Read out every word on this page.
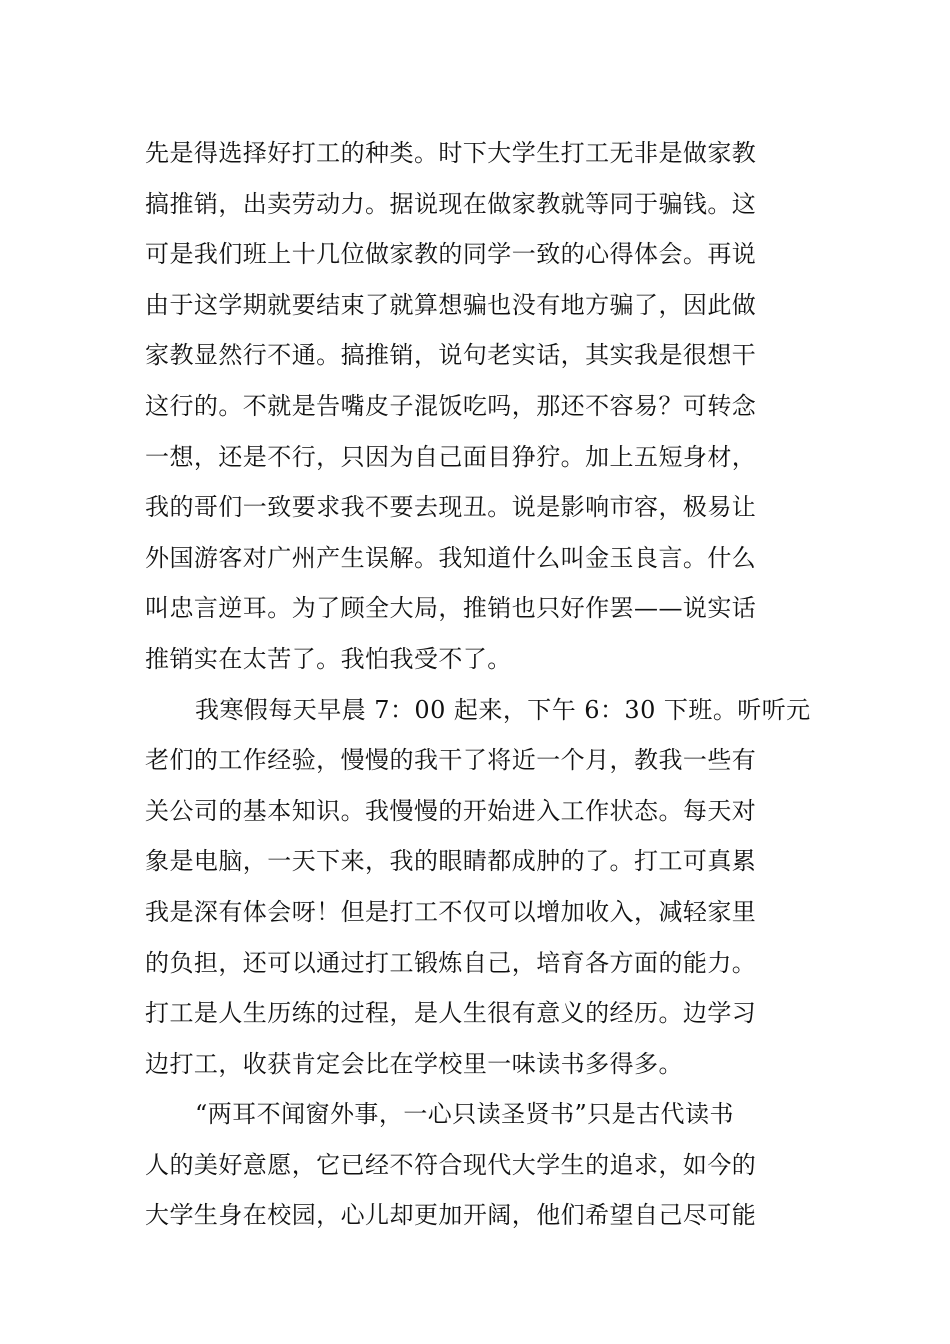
先是得选择好打工的种类。时下大学生打工无非是做家教
搞推销，出卖劳动力。据说现在做家教就等同于骗钱。这
可是我们班上十几位做家教的同学一致的心得体会。再说
由于这学期就要结束了就算想骗也没有地方骗了，因此做
家教显然行不通。搞推销，说句老实话，其实我是很想干
这行的。不就是告嘴皮子混饭吃吗，那还不容易？可转念
一想，还是不行，只因为自己面目狰狞。加上五短身材，
我的哥们一致要求我不要去现丑。说是影响市容，极易让
外国游客对广州产生误解。我知道什么叫金玉良言。什么
叫忠言逆耳。为了顾全大局，推销也只好作罢——说实话
推销实在太苦了。我怕我受不了。
我寒假每天早晨 7：00 起来，下午 6：30 下班。听听元
老们的工作经验，慢慢的我干了将近一个月，教我一些有
关公司的基本知识。我慢慢的开始进入工作状态。每天对
象是电脑，一天下来，我的眼睛都成肿的了。打工可真累
我是深有体会呀！但是打工不仅可以增加收入，减轻家里
的负担，还可以通过打工锻炼自己，培育各方面的能力。
打工是人生历练的过程，是人生很有意义的经历。边学习
边打工，收获肯定会比在学校里一味读书多得多。
“两耳不闻窗外事，一心只读圣贤书”只是古代读书
人的美好意愿，它已经不符合现代大学生的追求，如今的
大学生身在校园，心儿却更加开阔，他们希望自己尽可能
